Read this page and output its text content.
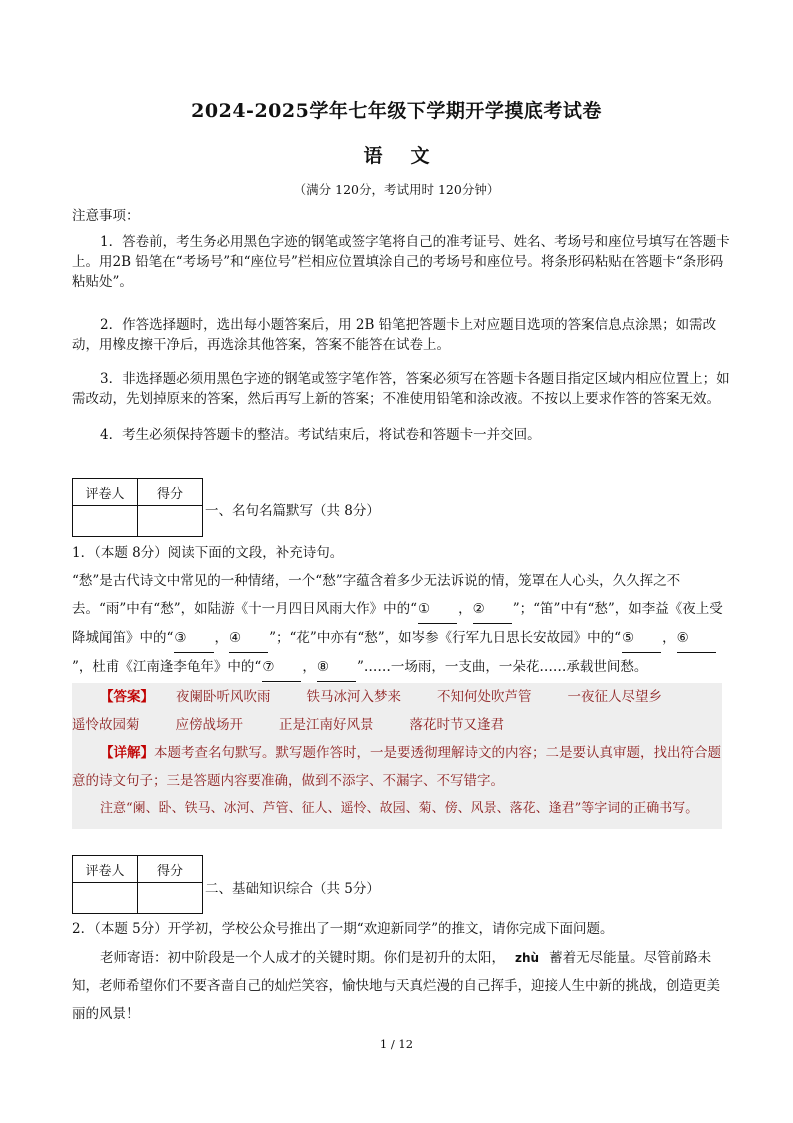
2024-2025学年七年级下学期开学摸底考试卷
语 文
（满分 120分，考试用时 120分钟）
注意事项：
1．答卷前，考生务必用黑色字迹的钢笔或签字笔将自己的准考证号、姓名、考场号和座位号填写在答题卡上。用2B 铅笔在“考场号”和“座位号”栏相应位置填涂自己的考场号和座位号。将条形码粘贴在答题卡“条形码粘贴处”。
2．作答选择题时，选出每小题答案后，用 2B 铅笔把答题卡上对应题目选项的答案信息点涂黑；如需改动，用橡皮擦干净后，再选涂其他答案，答案不能答在试卷上。
3．非选择题必须用黑色字迹的钢笔或签字笔作答，答案必须写在答题卡各题目指定区域内相应位置上；如需改动，先划掉原来的答案，然后再写上新的答案；不准使用铅笔和涂改液。不按以上要求作答的答案无效。
4．考生必须保持答题卡的整洁。考试结束后，将试卷和答题卡一并交回。
评卷人	得分

一、名句名篇默写（共 8分）
1．（本题 8分）阅读下面的文段，补充诗句。
“愁”是古代诗文中常见的一种情绪，一个“愁”字蕴含着多少无法诉说的情，笼罩在人心头，久久挥之不去。“雨”中有“愁”，如陆游《十一月四日风雨大作》中的“①   ，②   ”；“笛”中有“愁”，如李益《夜上受降城闻笛》中的“③   ，④   ”；“花”中亦有“愁”，如岑参《行军九日思长安故园》中的“⑤   ，⑥  ”，杜甫《江南逢李龟年》中的“⑦   ，⑧   ”……一场雨，一支曲，一朵花……承载世间愁。
【答案】 夜阑卧听风吹雨	铁马冰河入梦来	不知何处吹芦管	一夜征人尽望乡
遥怜故园菊	应傍战场开	正是江南好风景	落花时节又逢君
【详解】本题考查名句默写。默写题作答时，一是要透彻理解诗文的内容；二是要认真审题，找出符合题意的诗文句子；三是答题内容要准确，做到不添字、不漏字、不写错字。
注意“阑、卧、铁马、冰河、芦管、征人、遥怜、故园、菊、傍、风景、落花、逢君”等字词的正确书写。
评卷人	得分

二、基础知识综合（共 5分）
2．（本题 5分）开学初，学校公众号推出了一期“欢迎新同学”的推文，请你完成下面问题。
老师寄语：初中阶段是一个人成才的关键时期。你们是初升的太阳， zhù 蓄着无尽能量。尽管前路未知，老师希望你们不要吝啬自己的灿烂笑容，愉快地与天真烂漫的自己挥手，迎接人生中新的挑战，创造更美丽的风景！
1 / 12
